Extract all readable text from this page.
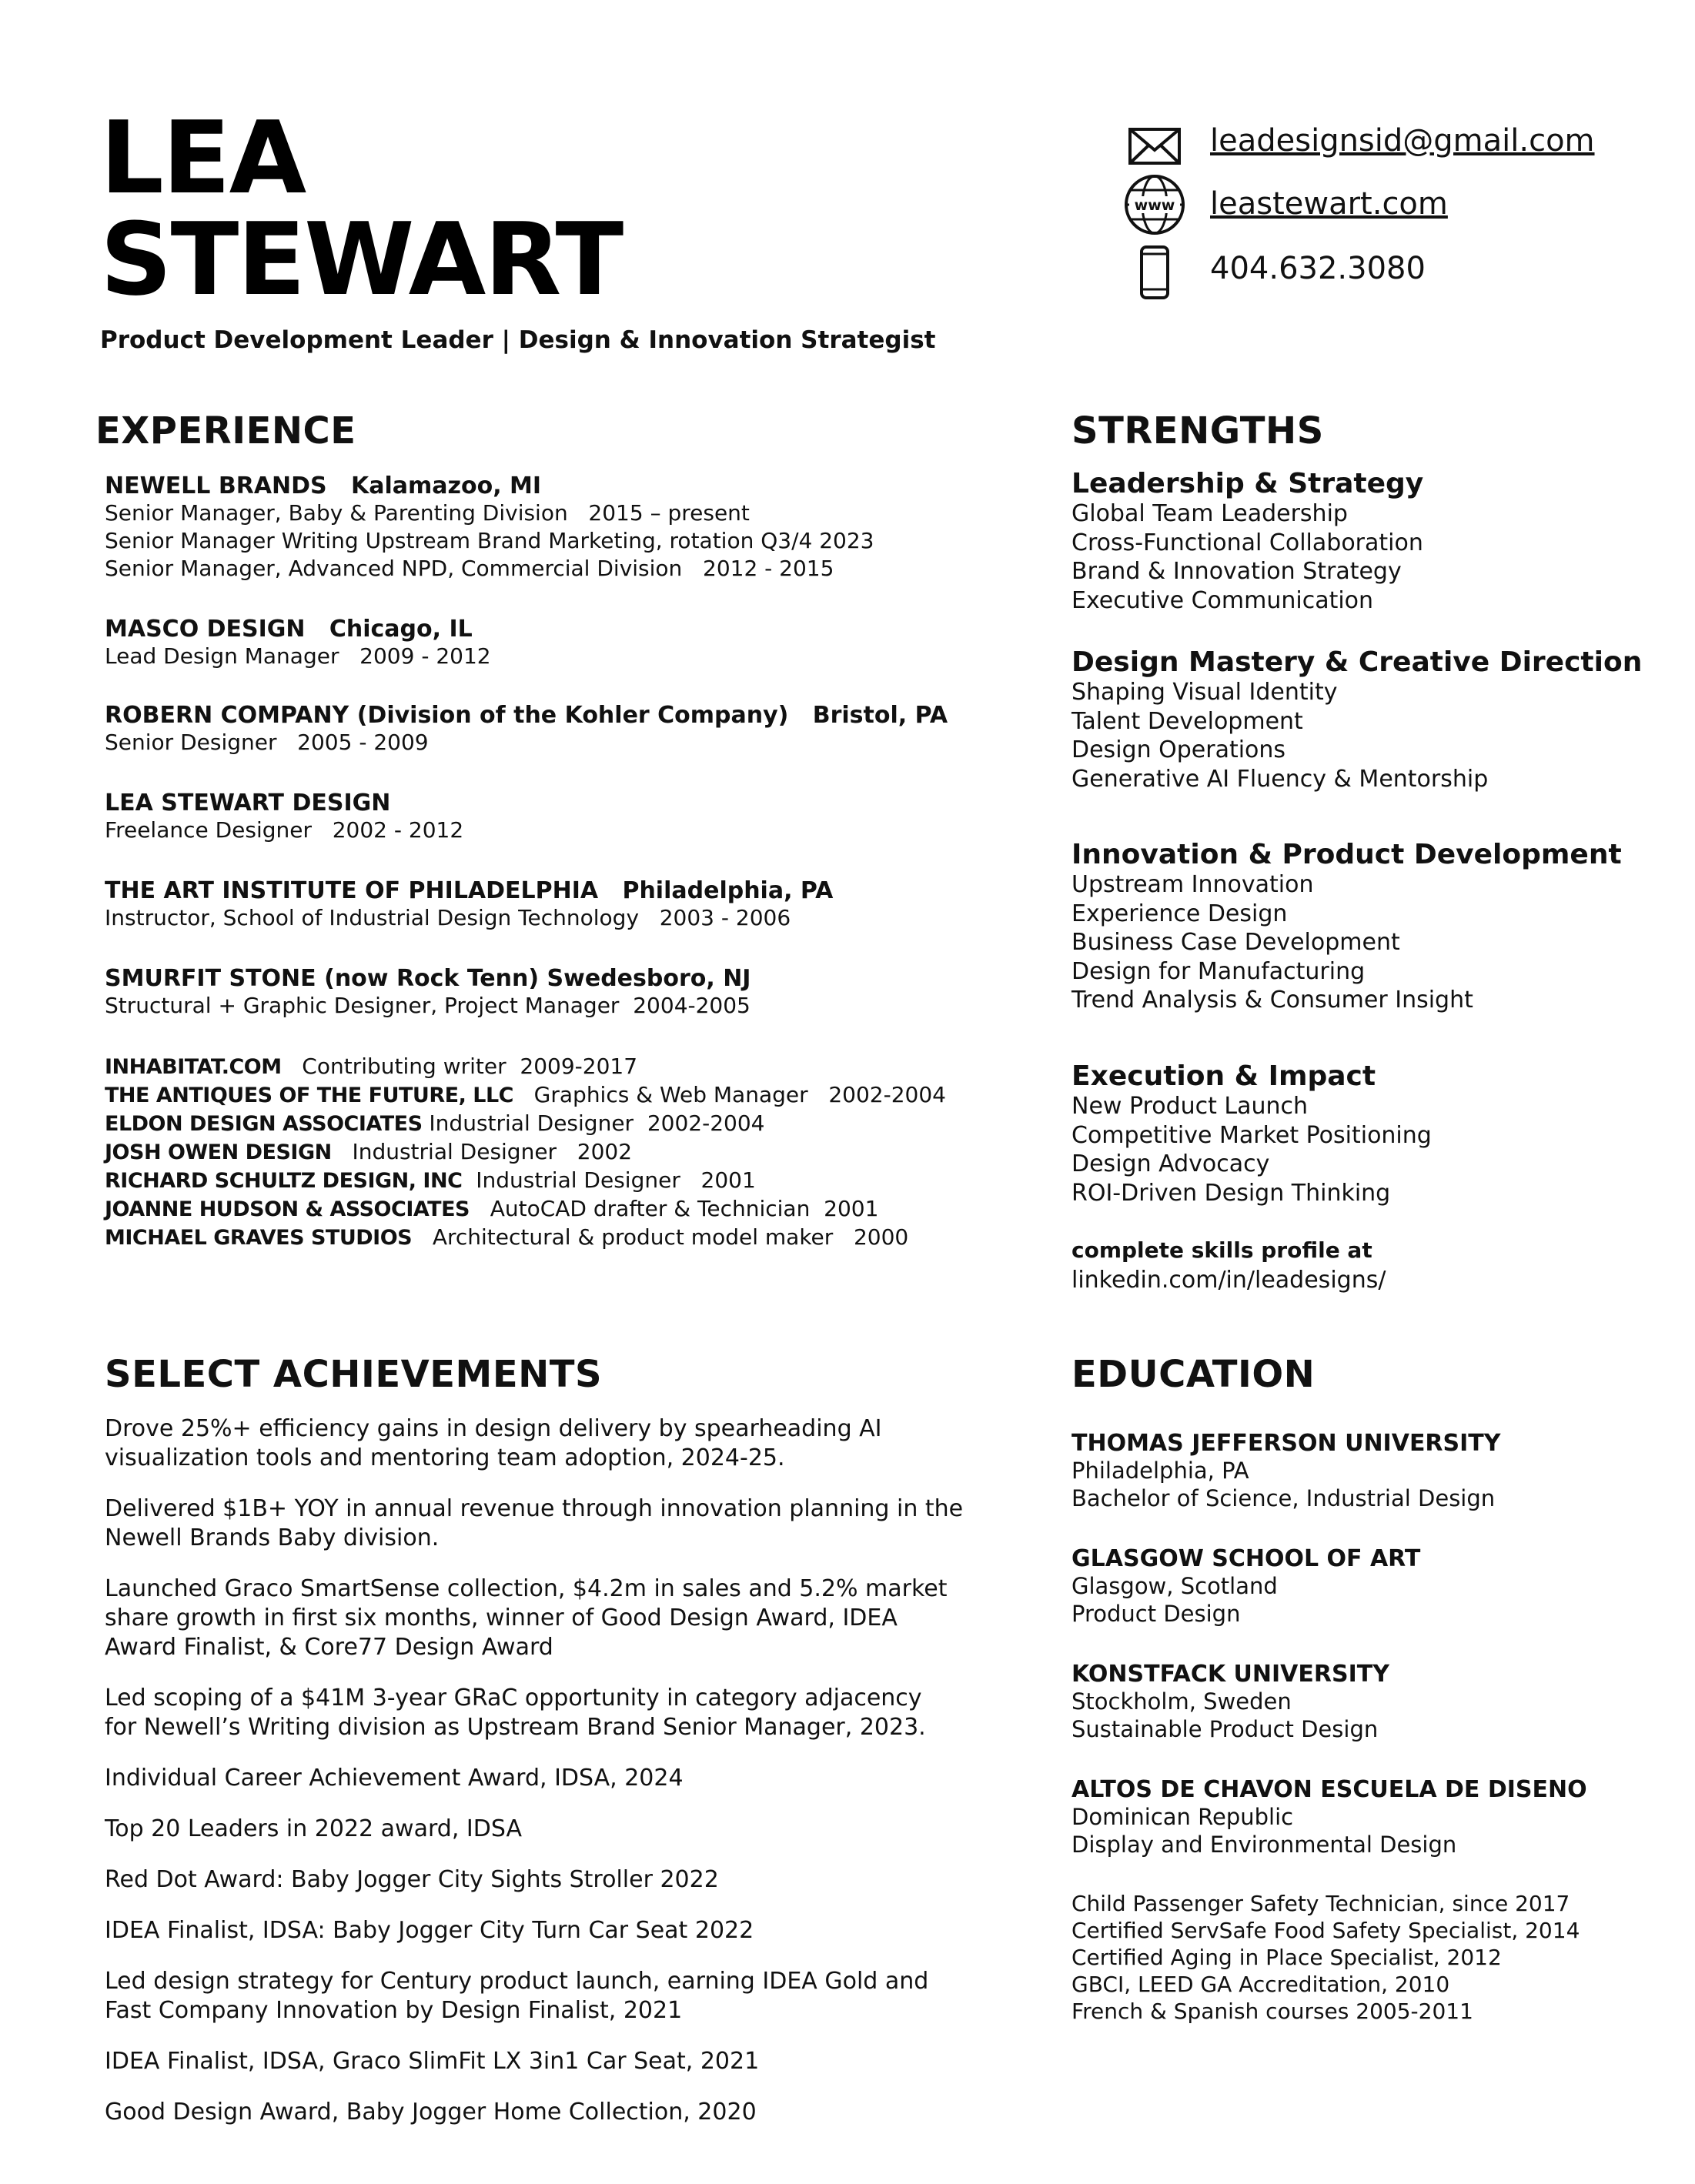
LEA
STEWART
Product Development Leader | Design & Innovation Strategist
leadesignsid@gmail.com
www leastewart.com
404.632.3080
EXPERIENCE
NEWELL BRANDS   Kalamazoo, MI
Senior Manager, Baby & Parenting Division   2015 – present
Senior Manager Writing Upstream Brand Marketing, rotation Q3/4 2023
Senior Manager, Advanced NPD, Commercial Division   2012 - 2015
MASCO DESIGN   Chicago, IL
Lead Design Manager   2009 - 2012
ROBERN COMPANY (Division of the Kohler Company)   Bristol, PA
Senior Designer   2005 - 2009
LEA STEWART DESIGN
Freelance Designer   2002 - 2012
THE ART INSTITUTE OF PHILADELPHIA   Philadelphia, PA
Instructor, School of Industrial Design Technology   2003 - 2006
SMURFIT STONE (now Rock Tenn) Swedesboro, NJ
Structural + Graphic Designer, Project Manager  2004-2005
INHABITAT.COM Contributing writer  2009-2017
THE ANTIQUES OF THE FUTURE, LLC Graphics & Web Manager   2002-2004
ELDON DESIGN ASSOCIATES Industrial Designer  2002-2004
JOSH OWEN DESIGN Industrial Designer   2002
RICHARD SCHULTZ DESIGN, INC Industrial Designer   2001
JOANNE HUDSON & ASSOCIATES AutoCAD drafter & Technician  2001
MICHAEL GRAVES STUDIOS Architectural & product model maker   2000
STRENGTHS
Leadership & Strategy
Global Team Leadership
Cross-Functional Collaboration
Brand & Innovation Strategy
Executive Communication
Design Mastery & Creative Direction
Shaping Visual Identity
Talent Development
Design Operations
Generative AI Fluency & Mentorship
Innovation & Product Development
Upstream Innovation
Experience Design
Business Case Development
Design for Manufacturing
Trend Analysis & Consumer Insight
Execution & Impact
New Product Launch
Competitive Market Positioning
Design Advocacy
ROI-Driven Design Thinking
complete skills profile at
linkedin.com/in/leadesigns/
SELECT ACHIEVEMENTS
Drove 25%+ efficiency gains in design delivery by spearheading AI
visualization tools and mentoring team adoption, 2024-25.
Delivered $1B+ YOY in annual revenue through innovation planning in the
Newell Brands Baby division.
Launched Graco SmartSense collection, $4.2m in sales and 5.2% market
share growth in first six months, winner of Good Design Award, IDEA
Award Finalist, & Core77 Design Award
Led scoping of a $41M 3-year GRaC opportunity in category adjacency
for Newell’s Writing division as Upstream Brand Senior Manager, 2023.
Individual Career Achievement Award, IDSA, 2024
Top 20 Leaders in 2022 award, IDSA
Red Dot Award: Baby Jogger City Sights Stroller 2022
IDEA Finalist, IDSA: Baby Jogger City Turn Car Seat 2022
Led design strategy for Century product launch, earning IDEA Gold and
Fast Company Innovation by Design Finalist, 2021
IDEA Finalist, IDSA, Graco SlimFit LX 3in1 Car Seat, 2021
Good Design Award, Baby Jogger Home Collection, 2020
EDUCATION
THOMAS JEFFERSON UNIVERSITY
Philadelphia, PA
Bachelor of Science, Industrial Design
GLASGOW SCHOOL OF ART
Glasgow, Scotland
Product Design
KONSTFACK UNIVERSITY
Stockholm, Sweden
Sustainable Product Design
ALTOS DE CHAVON ESCUELA DE DISENO
Dominican Republic
Display and Environmental Design
Child Passenger Safety Technician, since 2017
Certified ServSafe Food Safety Specialist, 2014
Certified Aging in Place Specialist, 2012
GBCI, LEED GA Accreditation, 2010
French & Spanish courses 2005-2011
